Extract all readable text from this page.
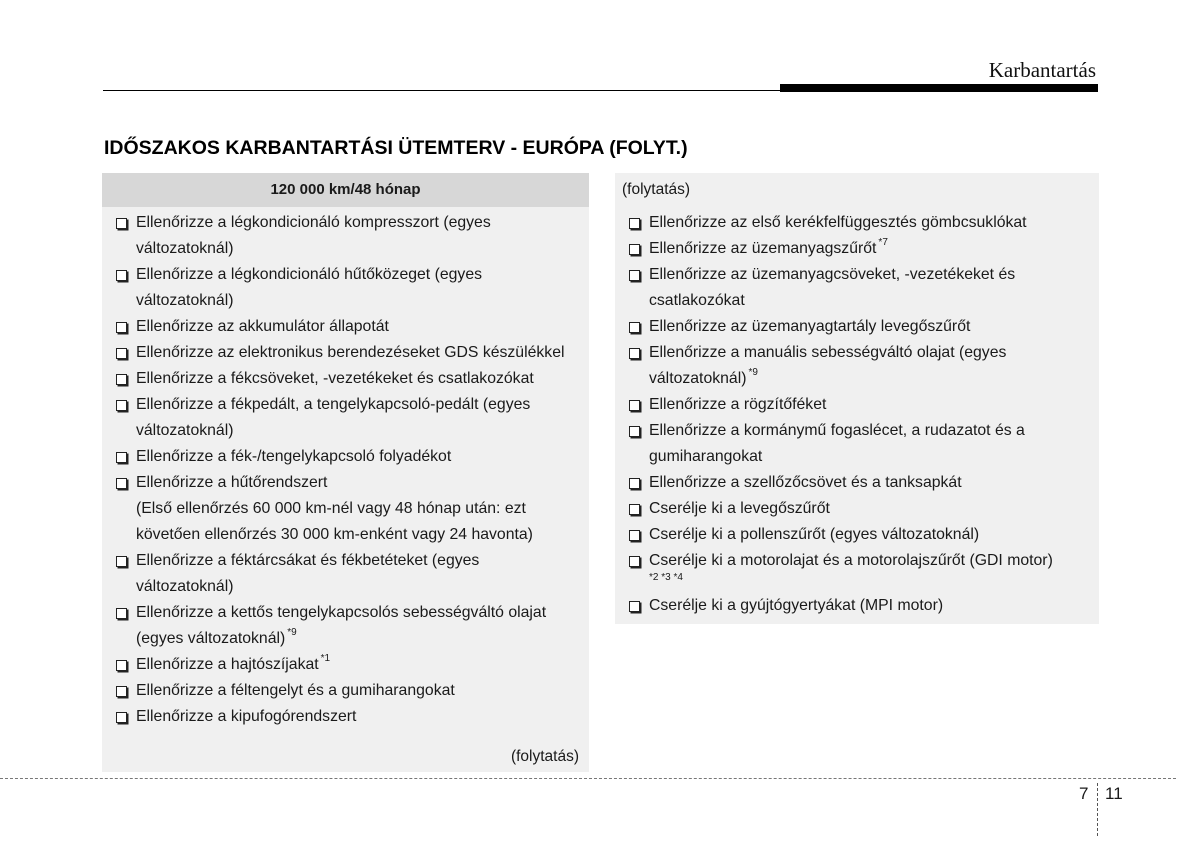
Karbantartás
IDŐSZAKOS KARBANTARTÁSI ÜTEMTERV - EURÓPA (FOLYT.)
120 000 km/48 hónap
Ellenőrizze a légkondicionáló kompresszort (egyes változatoknál)
Ellenőrizze a légkondicionáló hűtőközeget (egyes változatoknál)
Ellenőrizze az akkumulátor állapotát
Ellenőrizze az elektronikus berendezéseket GDS készülékkel
Ellenőrizze a fékcsöveket, -vezetékeket és csatlakozókat
Ellenőrizze a fékpedált, a tengelykapcsoló-pedált (egyes változatoknál)
Ellenőrizze a fék-/tengelykapcsoló folyadékot
Ellenőrizze a hűtőrendszert
(Első ellenőrzés 60 000 km-nél vagy 48 hónap után: ezt követően ellenőrzés 30 000 km-enként vagy 24 havonta)
Ellenőrizze a féktárcsákat és fékbetéteket (egyes változatoknál)
Ellenőrizze a kettős tengelykapcsolós sebességváltó olajat (egyes változatoknál) $^{*9}$
Ellenőrizze a hajtószíjakat $^{*1}$
Ellenőrizze a féltengelyt és a gumiharangokat
Ellenőrizze a kipufogórendszert
(folytatás)
(folytatás)
Ellenőrizze az első kerékfelfüggesztés gömbcsuklókat
Ellenőrizze az üzemanyagszűrőt $^{*7}$
Ellenőrizze az üzemanyagcsöveket, -vezetékeket és csatlakozókat
Ellenőrizze az üzemanyagtartály levegőszűrőt
Ellenőrizze a manuális sebességváltó olajat (egyes változatoknál) $^{*9}$
Ellenőrizze a rögzítőféket
Ellenőrizze a kormánymű fogaslécet, a rudazatot és a gumiharangokat
Ellenőrizze a szellőzőcsövet és a tanksapkát
Cserélje ki a levegőszűrőt
Cserélje ki a pollenszűrőt (egyes változatoknál)
Cserélje ki a motorolajat és a motorolajszűrőt (GDI motor)
*2 *3 *4
Cserélje ki a gyújtógyertyákat (MPI motor)
7 11
